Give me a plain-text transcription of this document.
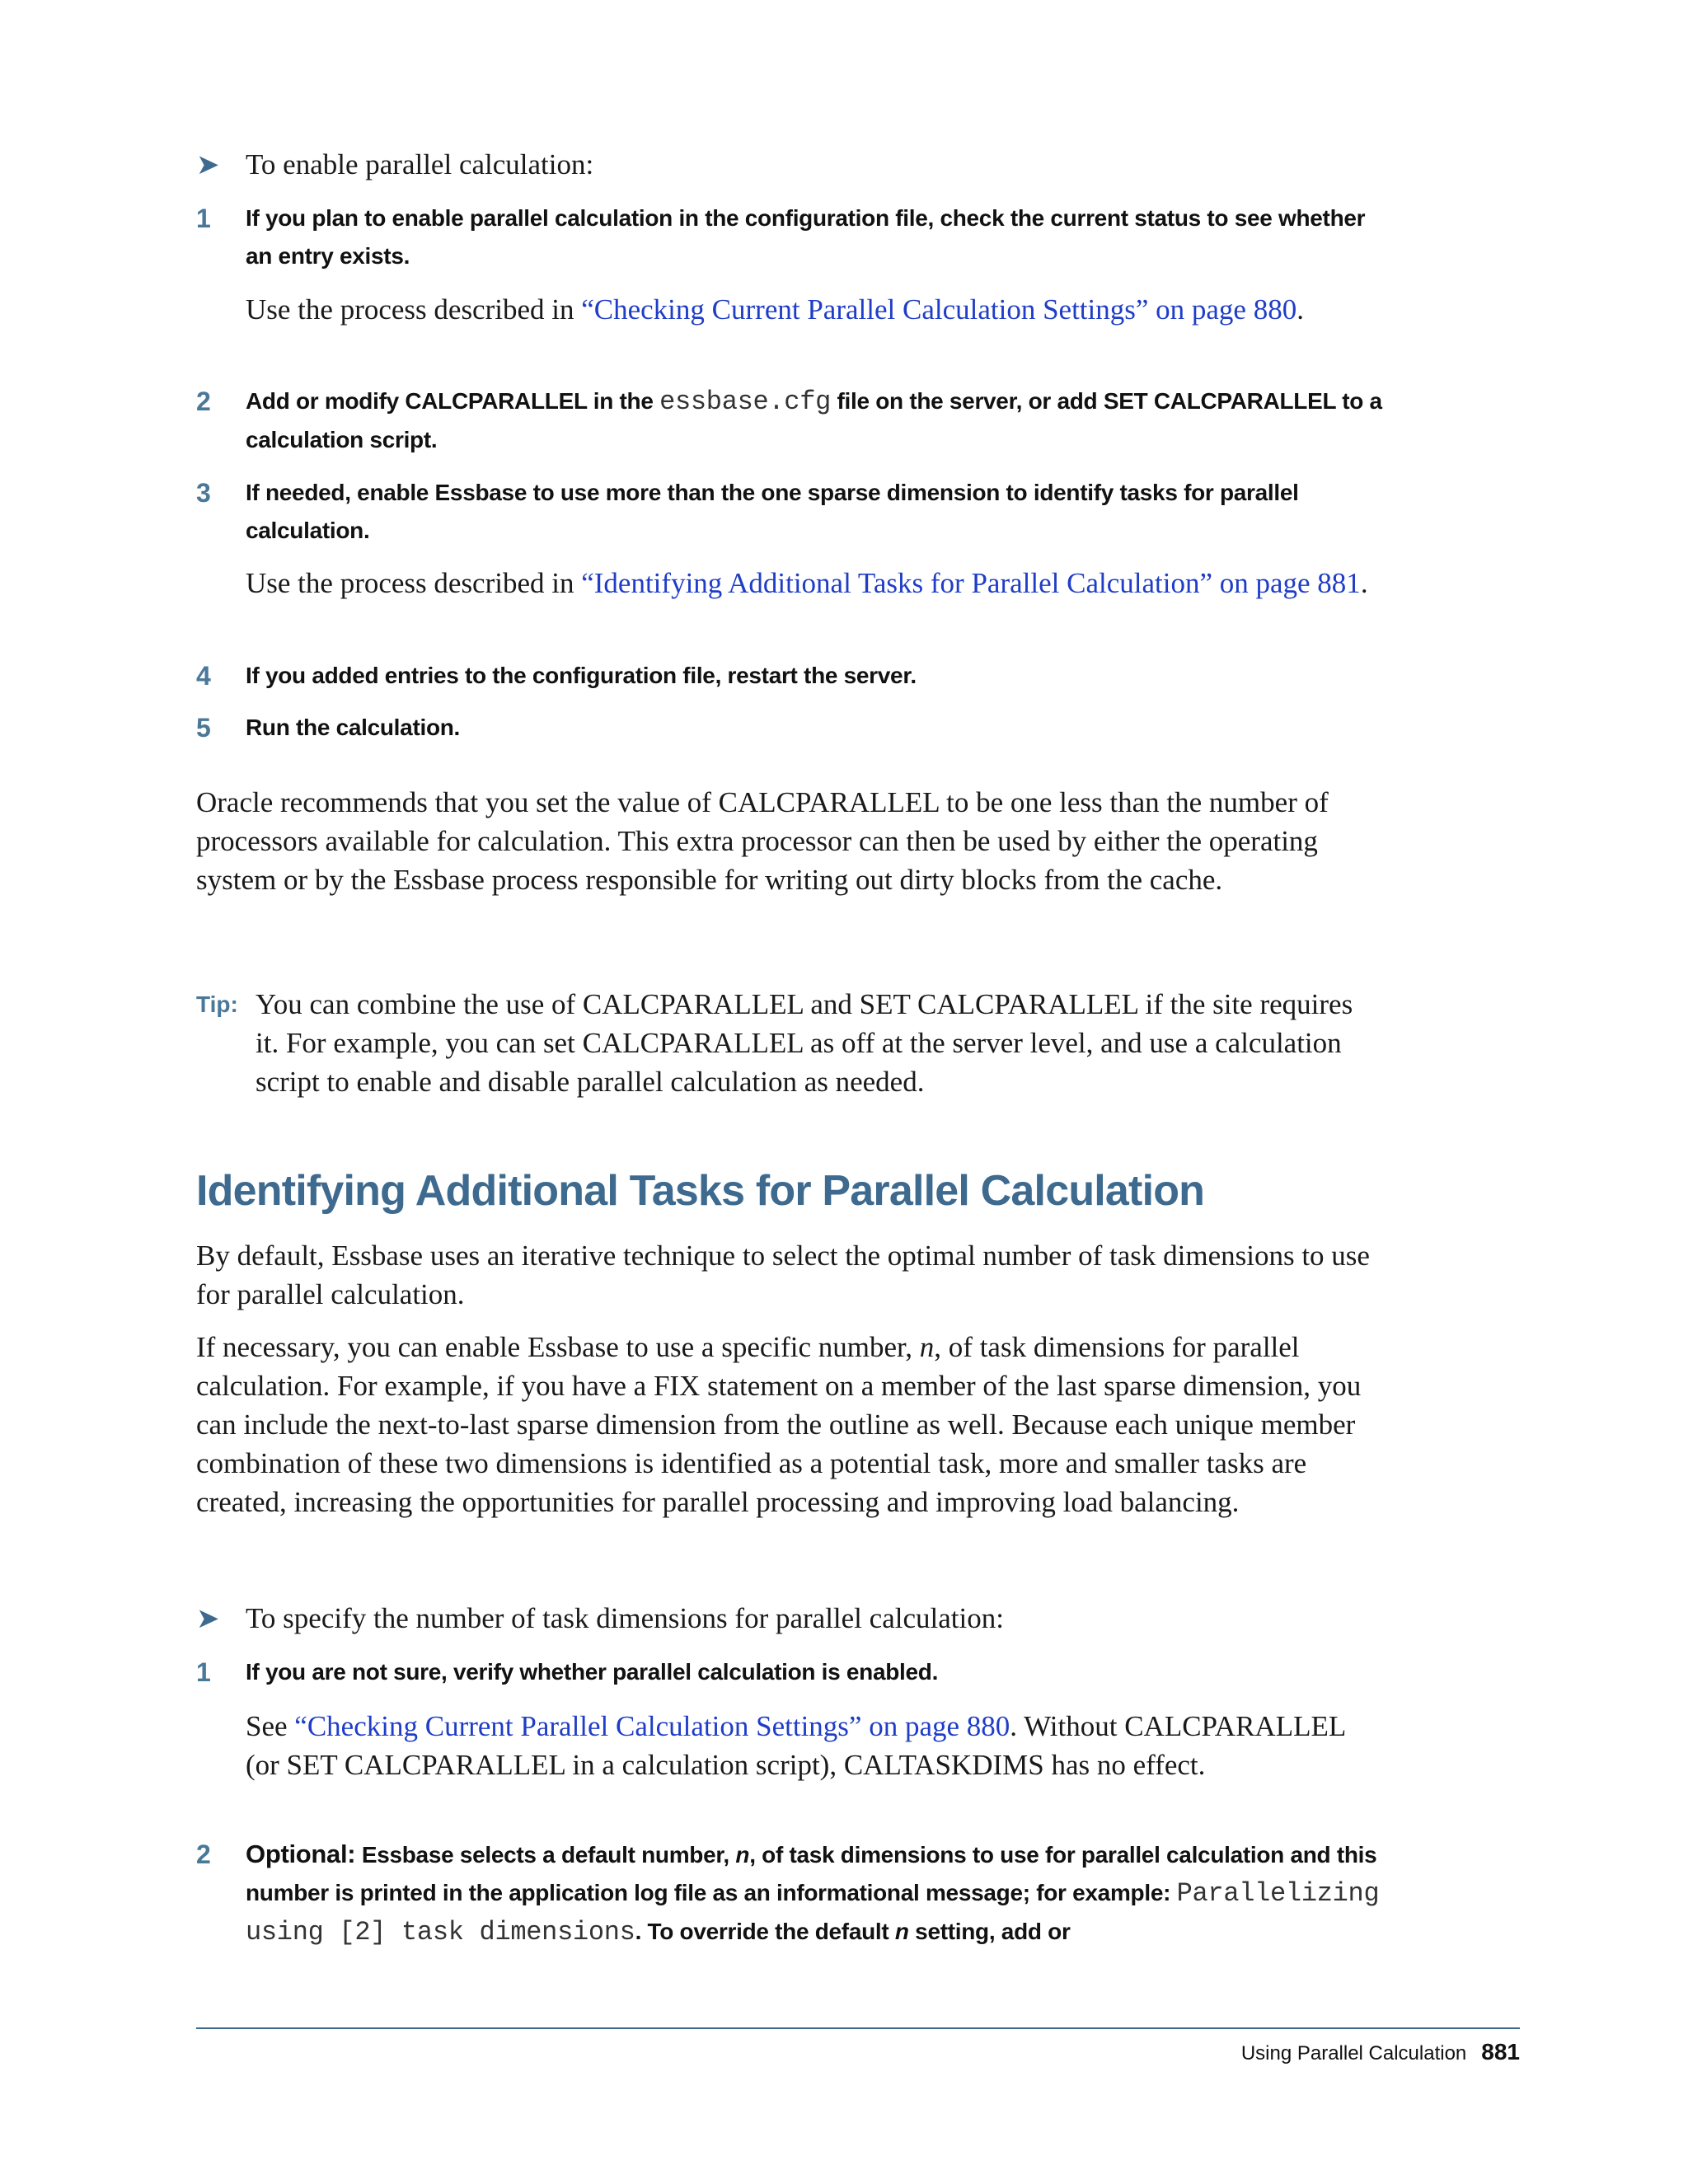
➤ To enable parallel calculation:
1	If you plan to enable parallel calculation in the configuration file, check the current status to see whether an entry exists.
Use the process described in “Checking Current Parallel Calculation Settings” on page 880.
2	Add or modify CALCPARALLEL in the essbase.cfg file on the server, or add SET CALCPARALLEL to a calculation script.
3	If needed, enable Essbase to use more than the one sparse dimension to identify tasks for parallel calculation.
Use the process described in “Identifying Additional Tasks for Parallel Calculation” on page 881.
4	If you added entries to the configuration file, restart the server.
5	Run the calculation.
Oracle recommends that you set the value of CALCPARALLEL to be one less than the number of processors available for calculation. This extra processor can then be used by either the operating system or by the Essbase process responsible for writing out dirty blocks from the cache.
Tip: You can combine the use of CALCPARALLEL and SET CALCPARALLEL if the site requires it. For example, you can set CALCPARALLEL as off at the server level, and use a calculation script to enable and disable parallel calculation as needed.
Identifying Additional Tasks for Parallel Calculation
By default, Essbase uses an iterative technique to select the optimal number of task dimensions to use for parallel calculation.
If necessary, you can enable Essbase to use a specific number, n, of task dimensions for parallel calculation. For example, if you have a FIX statement on a member of the last sparse dimension, you can include the next-to-last sparse dimension from the outline as well. Because each unique member combination of these two dimensions is identified as a potential task, more and smaller tasks are created, increasing the opportunities for parallel processing and improving load balancing.
➤ To specify the number of task dimensions for parallel calculation:
1	If you are not sure, verify whether parallel calculation is enabled.
See “Checking Current Parallel Calculation Settings” on page 880. Without CALCPARALLEL (or SET CALCPARALLEL in a calculation script), CALTASKDIMS has no effect.
2	Optional: Essbase selects a default number, n, of task dimensions to use for parallel calculation and this number is printed in the application log file as an informational message; for example: Parallelizing using [2] task dimensions. To override the default n setting, add or
Using Parallel Calculation 881
